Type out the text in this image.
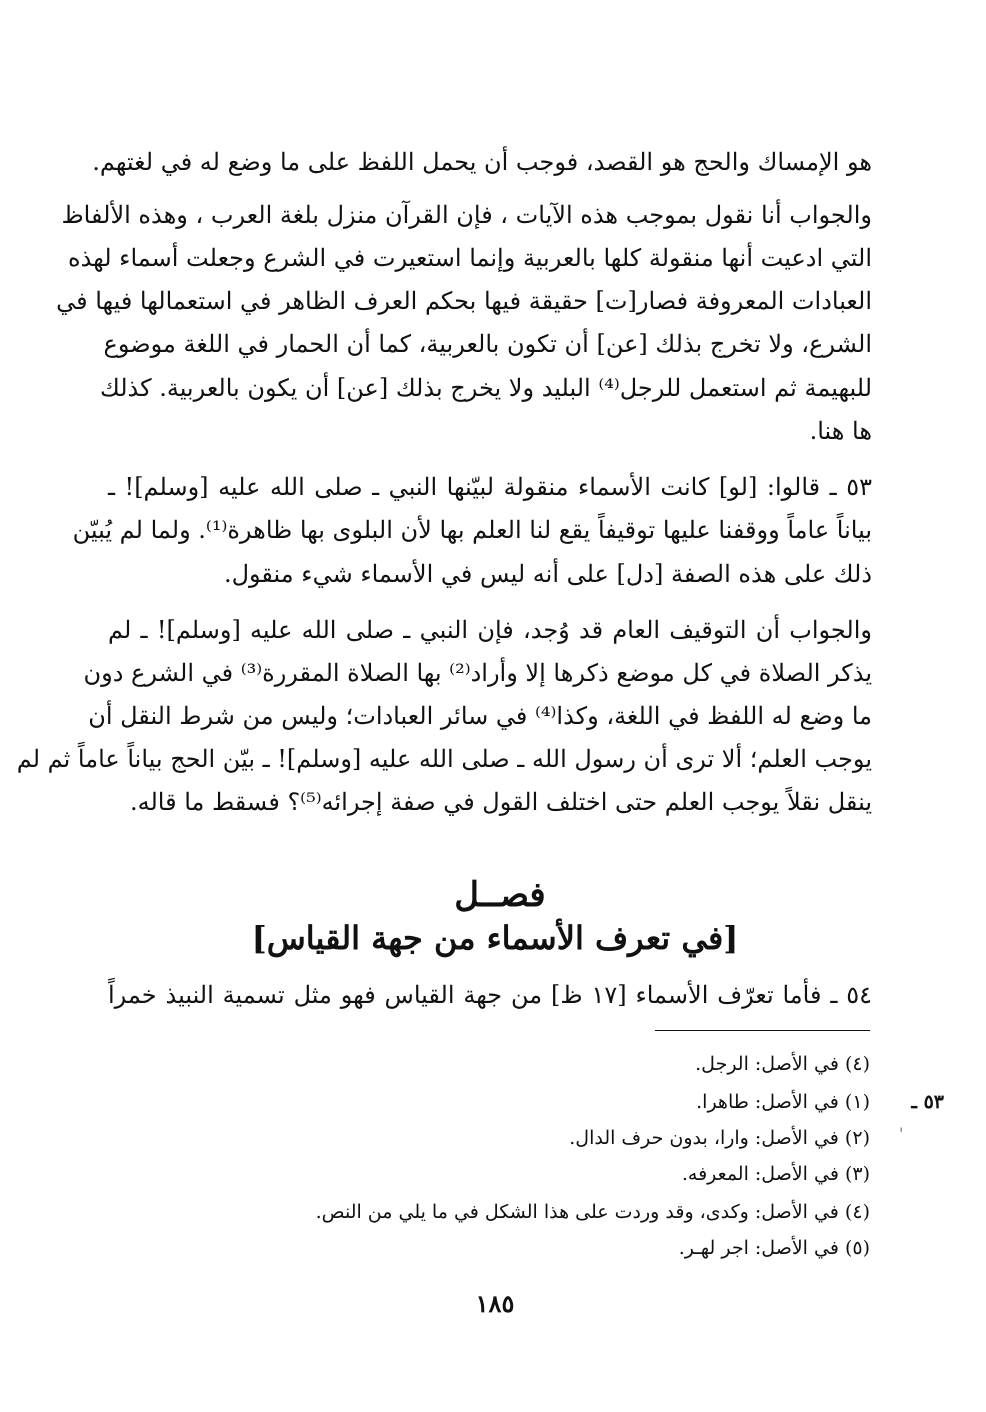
هو الإمساك والحج هو القصد، فوجب أن يحمل اللفظ على ما وضع له في لغتهم.
والجواب أنا نقول بموجب هذه الآيات ، فإن القرآن منزل بلغة العرب ، وهذه الألفاظ
التي ادعيت أنها منقولة كلها بالعربية وإنما استعيرت في الشرع وجعلت أسماء لهذه
العبادات المعروفة فصار[ت] حقيقة فيها بحكم العرف الظاهر في استعمالها فيها في
الشرع، ولا تخرج بذلك [عن] أن تكون بالعربية، كما أن الحمار في اللغة موضوع
للبهيمة ثم استعمل للرجل⁽⁴⁾ البليد ولا يخرج بذلك [عن] أن يكون بالعربية. كذلك
ها هنا.
٥٣ ـ قالوا: [لو] كانت الأسماء منقولة لبيّنها النبي ـ صلى الله عليه [وسلم]! ـ
بياناً عاماً ووقفنا عليها توقيفاً يقع لنا العلم بها لأن البلوى بها ظاهرة⁽¹⁾. ولما لم يُبيّن
ذلك على هذه الصفة [دل] على أنه ليس في الأسماء شيء منقول.
والجواب أن التوقيف العام قد وُجد، فإن النبي ـ صلى الله عليه [وسلم]! ـ لم
يذكر الصلاة في كل موضع ذكرها إلا وأراد⁽²⁾ بها الصلاة المقررة⁽³⁾ في الشرع دون
ما وضع له اللفظ في اللغة، وكذا⁽⁴⁾ في سائر العبادات؛ وليس من شرط النقل أن
يوجب العلم؛ ألا ترى أن رسول الله ـ صلى الله عليه [وسلم]! ـ بيّن الحج بياناً عاماً ثم لم
ينقل نقلاً يوجب العلم حتى اختلف القول في صفة إجرائه⁽⁵⁾؟ فسقط ما قاله.
فصــل
[في تعرف الأسماء من جهة القياس]
٥٤ ـ فأما تعرّف الأسماء [١٧ ظ] من جهة القياس فهو مثل تسمية النبيذ خمراً
(٤) في الأصل: الرجل.
٥٣ ـ
(١) في الأصل: طاهرا.
(٢) في الأصل: وارا، بدون حرف الدال.
(٣) في الأصل: المعرفه.
(٤) في الأصل: وكدى، وقد وردت على هذا الشكل في ما يلي من النص.
(٥) في الأصل: اجر لهـر.
'
١٨٥
